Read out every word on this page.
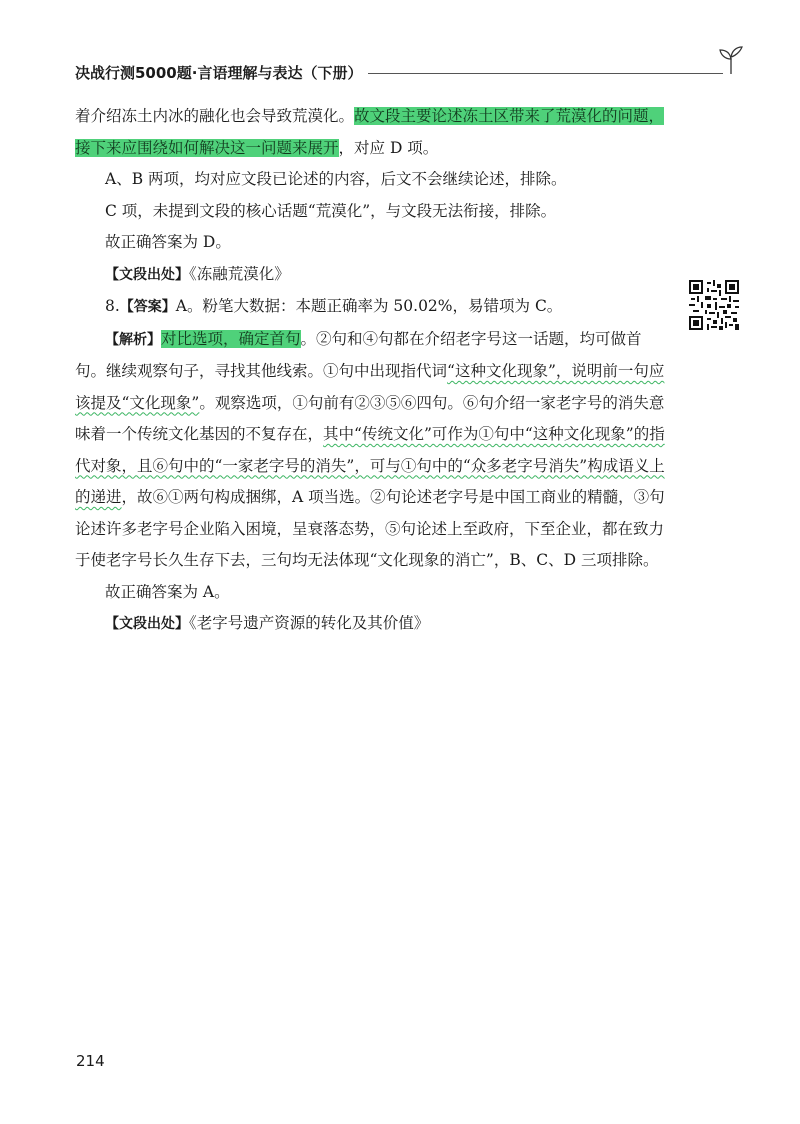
决战行测5000题·言语理解与表达（下册）

着介绍冻土内冰的融化也会导致荒漠化。故文段主要论述冻土区带来了荒漠化的问题，
接下来应围绕如何解决这一问题来展开，对应 D 项。

A、B 两项，均对应文段已论述的内容，后文不会继续论述，排除。

C 项，未提到文段的核心话题“荒漠化”，与文段无法衔接，排除。

故正确答案为 D。

【文段出处】《冻融荒漠化》

8.【答案】A。粉笔大数据：本题正确率为 50.02%，易错项为 C。

【解析】对比选项，确定首句。②句和④句都在介绍老字号这一话题，均可做首句。继续观察句子，寻找其他线索。①句中出现指代词“这种文化现象”，说明前一句应该提及“文化现象”。观察选项，①句前有②③⑤⑥四句。⑥句介绍一家老字号的消失意味着一个传统文化基因的不复存在，其中“传统文化”可作为①句中“这种文化现象”的指代对象，且⑥句中的“一家老字号的消失”，可与①句中的“众多老字号消失”构成语义上的递进，故⑥①两句构成捆绑，A 项当选。②句论述老字号是中国工商业的精髓，③句论述许多老字号企业陷入困境，呈衰落态势，⑤句论述上至政府，下至企业，都在致力于使老字号长久生存下去，三句均无法体现“文化现象的消亡”，B、C、D 三项排除。

故正确答案为 A。

【文段出处】《老字号遗产资源的转化及其价值》

214
